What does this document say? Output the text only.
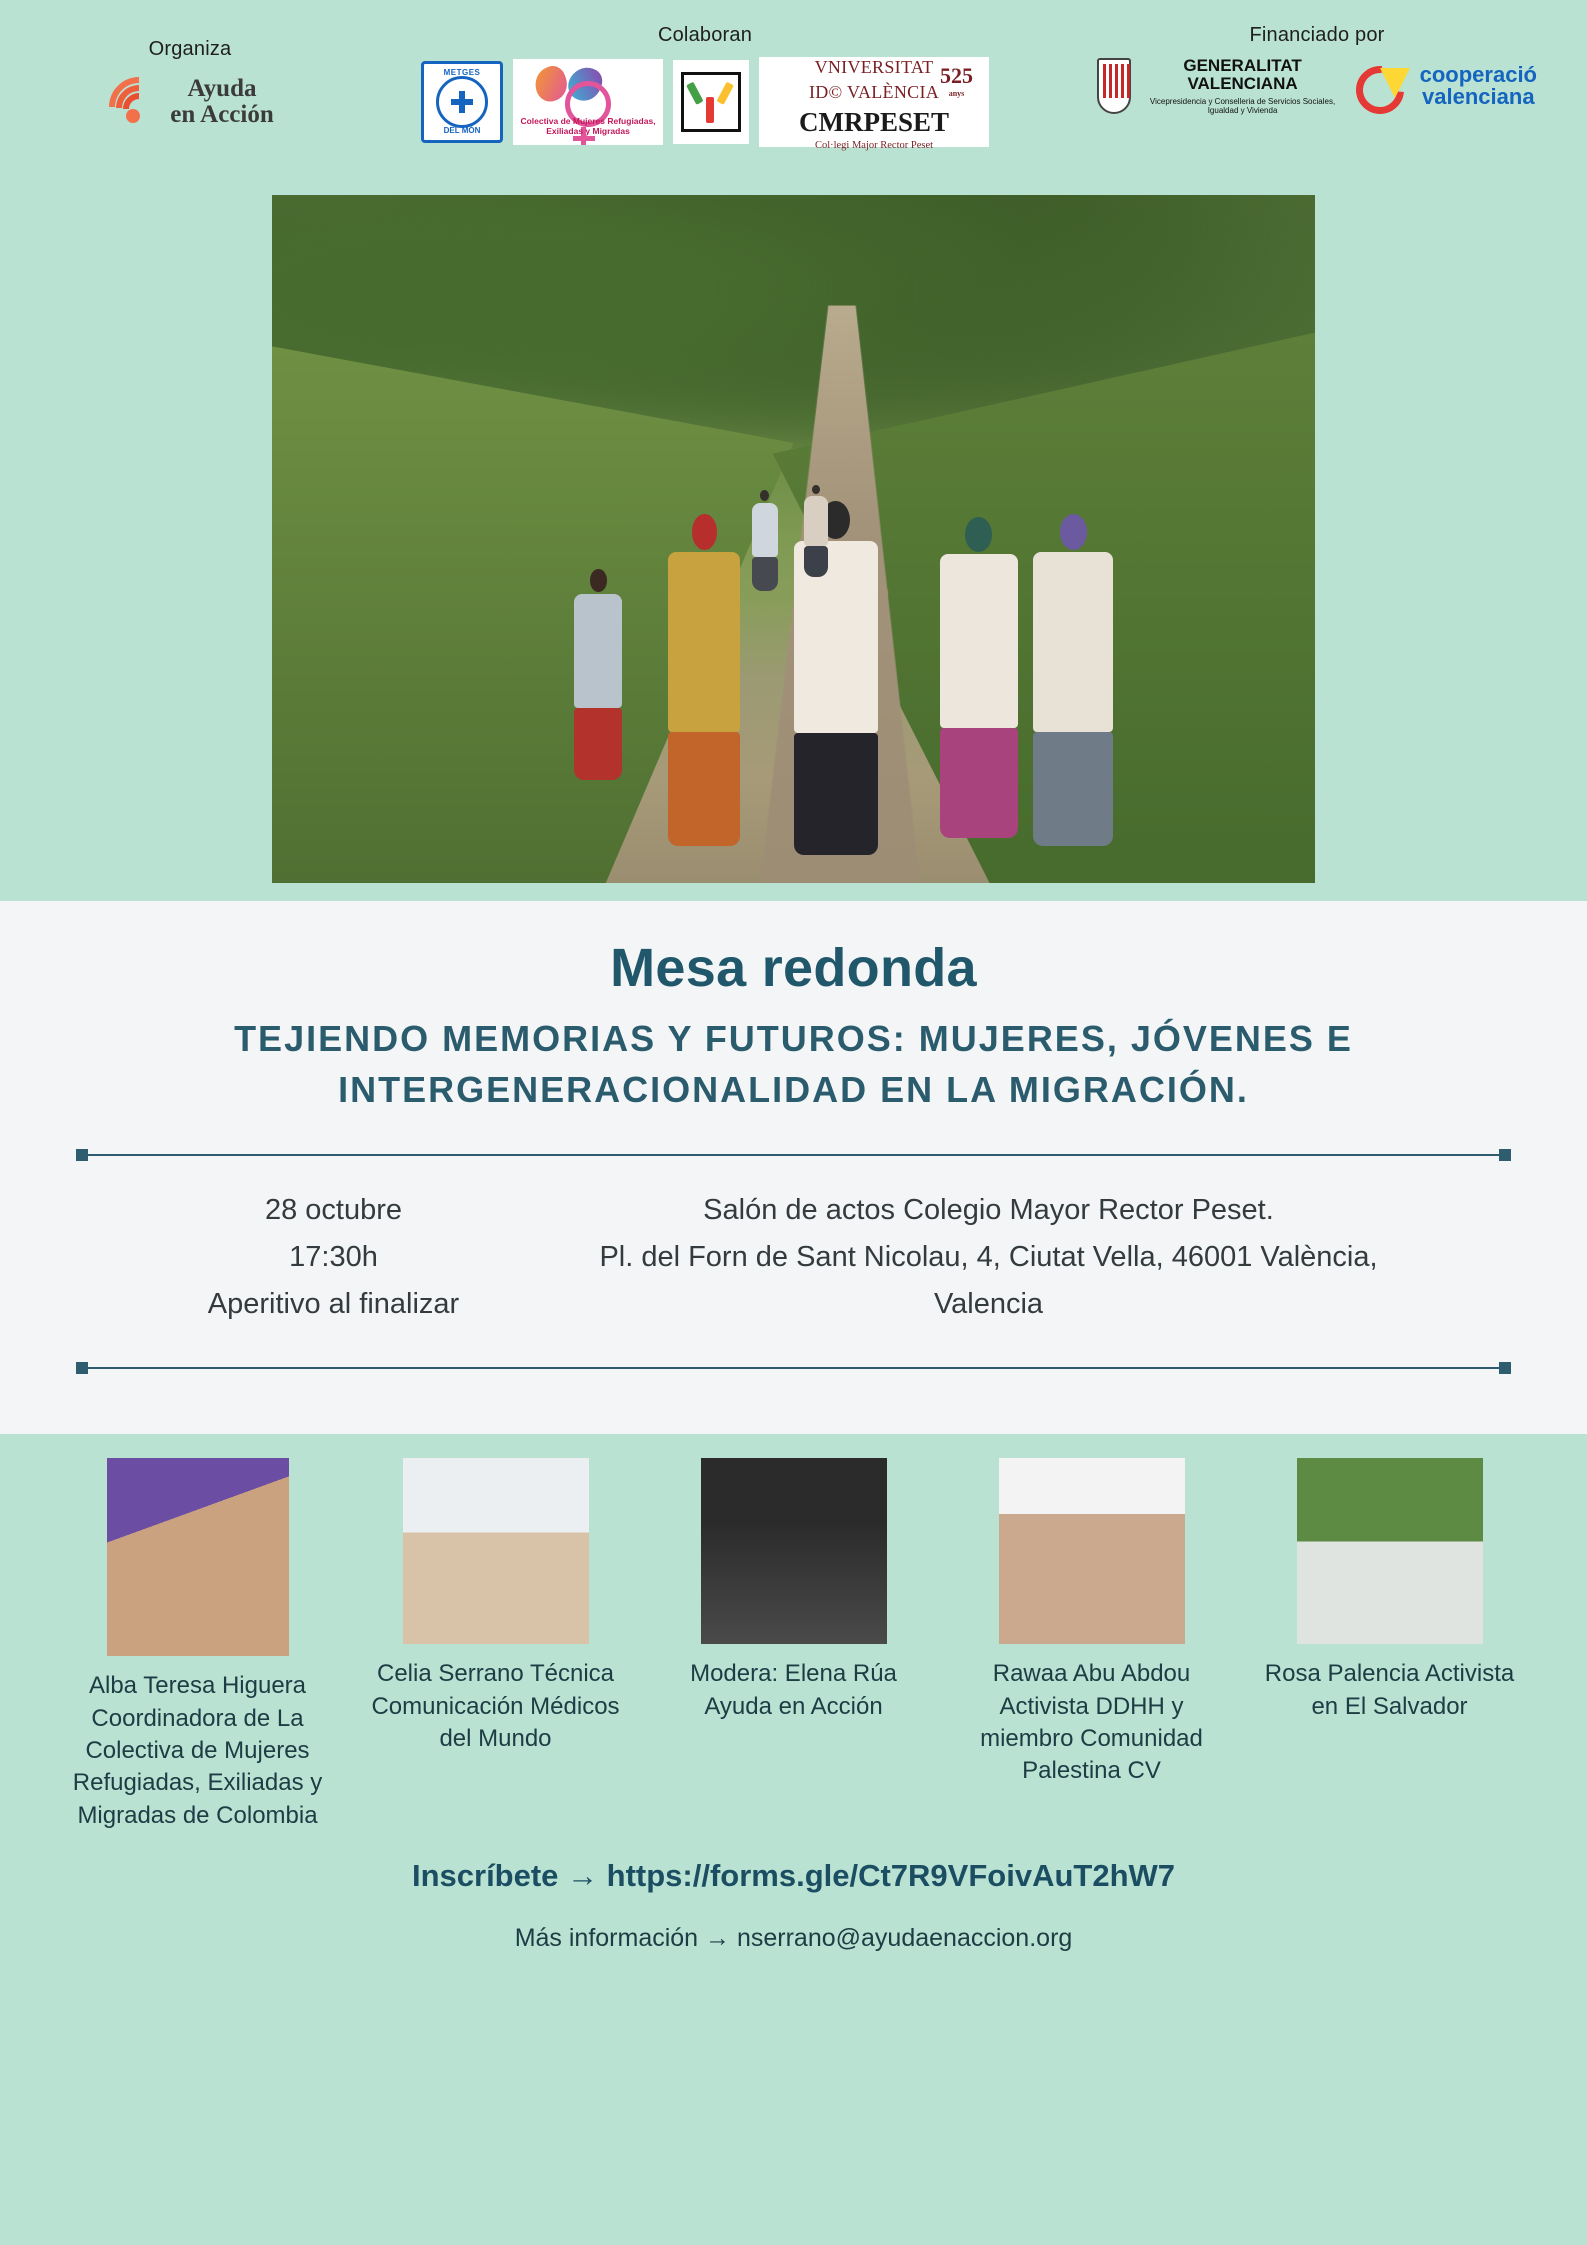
Organiza
Ayuda
en Acción
Colaboran
METGES
DEL MÓN
Colectiva de Mujeres Refugiadas, Exiliadas y Migradas
VNIVERSITAT
ID© VALÈNCIA
525
anys
CMRPESET
Col·legi Major Rector Peset
Financiado por
GENERALITAT
VALENCIANA
Vicepresidencia y Conselleria de Servicios Sociales, Igualdad y Vivienda
cooperació
valenciana
Mesa redonda
TEJIENDO MEMORIAS Y FUTUROS: MUJERES, JÓVENES E INTERGENERACIONALIDAD EN LA MIGRACIÓN.
28 octubre
17:30h
Aperitivo al finalizar
Salón de actos Colegio Mayor Rector Peset.
Pl. del Forn de Sant Nicolau, 4, Ciutat Vella, 46001 València, Valencia
Alba Teresa Higuera Coordinadora de La Colectiva de Mujeres Refugiadas, Exiliadas y Migradas de Colombia
Celia Serrano Técnica Comunicación Médicos del Mundo
Modera: Elena Rúa Ayuda en Acción
Rawaa Abu Abdou Activista DDHH y miembro Comunidad Palestina CV
Rosa Palencia Activista en El Salvador
Inscríbete → https://forms.gle/Ct7R9VFoivAuT2hW7
Más información → nserrano@ayudaenaccion.org
